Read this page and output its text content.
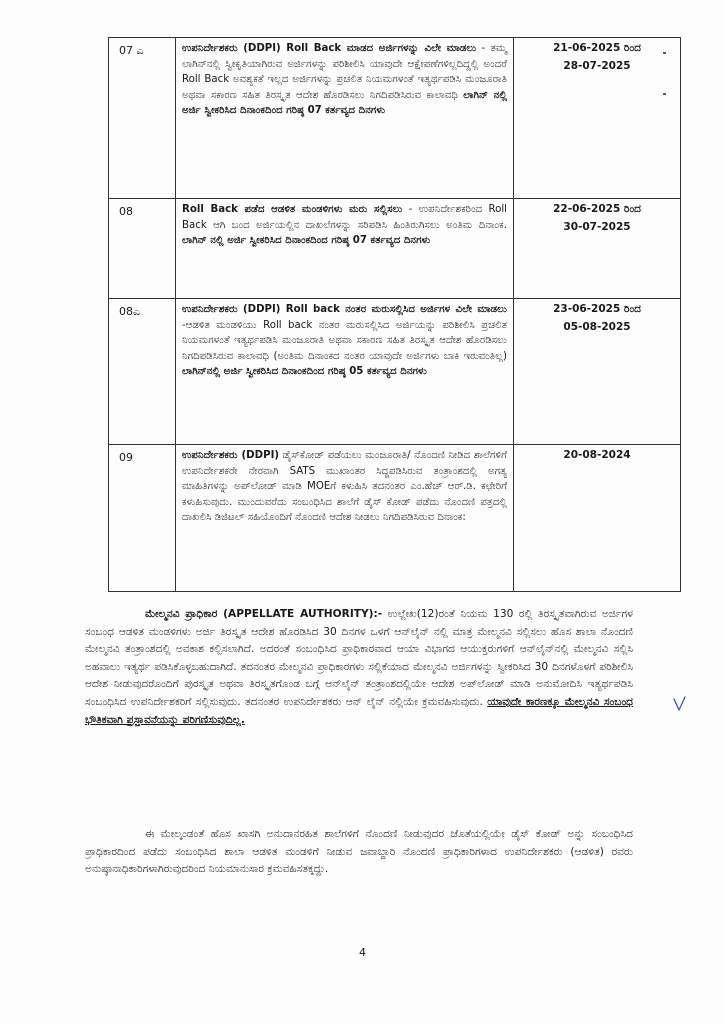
07 ಎ	ಉಪನಿರ್ದೇಶಕರು (DDPI) Roll Back ಮಾಡದ ಅರ್ಜಿಗಳನ್ನು ವಿಲೇ ಮಾಡಲು - ತಮ್ಮ ಲಾಗಿನ್‌ನಲ್ಲಿ ಸ್ವೀಕೃತಿಯಾಗಿರುವ ಅರ್ಜಿಗಳನ್ನು ಪರಿಶೀಲಿಸಿ ಯಾವುದೇ ಆಕ್ಷೇಪಣೆಗಳಿಲ್ಲದಿದ್ದಲ್ಲಿ ಅಂದರೆ Roll Back ಅವಶ್ಯಕತೆ ಇಲ್ಲದ ಅರ್ಜಿಗಳನ್ನು ಪ್ರಚಲಿತ ನಿಯಮಗಳಂತೆ ಇತ್ಯರ್ಥಪಡಿಸಿ ಮಂಜೂರಾತಿ ಅಥವಾ ಸಕಾರಣ ಸಹಿತ ತಿರಸ್ಕೃತ ಆದೇಶ ಹೊರಡಿಸಲು ನಿಗದಿಪಡಿಸಿರುವ ಕಾಲಾವಧಿ ಲಾಗಿನ್ ನಲ್ಲಿ ಅರ್ಜಿ ಸ್ವೀಕರಿಸಿದ ದಿನಾಂಕದಿಂದ ಗರಿಷ್ಠ 07 ಕರ್ತವ್ಯದ ದಿನಗಳು	21-06-2025 ರಿಂದ
28-07-2025

08	Roll Back ಪಡೆದ ಆಡಳಿತ ಮಂಡಳಿಗಳು ಮರು ಸಲ್ಲಿಸಲು - ಉಪನಿರ್ದೇಶಕರಿಂದ Roll Back ಆಗಿ ಬಂದ ಅರ್ಜಿಯಲ್ಲಿನ ದಾಖಲೆಗಳನ್ನು ಸರಿಪಡಿಸಿ ಹಿಂತಿರುಗಿಸಲು ಅಂತಿಮ ದಿನಾಂಕ. ಲಾಗಿನ್ ನಲ್ಲಿ ಅರ್ಜಿ ಸ್ವೀಕರಿಸಿದ ದಿನಾಂಕದಿಂದ ಗರಿಷ್ಠ 07 ಕರ್ತವ್ಯದ ದಿನಗಳು	22-06-2025 ರಿಂದ
30-07-2025

08ಎ	ಉಪನಿರ್ದೇಶಕರು (DDPI) Roll back ನಂತರ ಮರುಸಲ್ಲಿಸಿದ ಅರ್ಜಿಗಳ ವಿಲೇ ಮಾಡಲು -ಆಡಳಿತ ಮಂಡಳಿಯು Roll back ನಂತರ ಮರುಸಲ್ಲಿಸಿದ ಅರ್ಜಿಯನ್ನು ಪರಿಶೀಲಿಸಿ ಪ್ರಚಲಿತ ನಿಯಮಗಳಂತೆ ಇತ್ಯರ್ಥಪಡಿಸಿ ಮಂಜೂರಾತಿ ಅಥವಾ ಸಕಾರಣ ಸಹಿತ ತಿರಸ್ಕೃತ ಆದೇಶ ಹೊರಡಿಸಲು ನಿಗದಿಪಡಿಸಿರುವ ಕಾಲಾವಧಿ (ಅಂತಿಮ ದಿನಾಂಕದ ನಂತರ ಯಾವುದೇ ಅರ್ಜಿಗಳು ಬಾಕಿ ಇರುವಂತಿಲ್ಲ) ಲಾಗಿನ್‌ನಲ್ಲಿ ಅರ್ಜಿ ಸ್ವೀಕರಿಸಿದ ದಿನಾಂಕದಿಂದ ಗರಿಷ್ಠ 05 ಕರ್ತವ್ಯದ ದಿನಗಳು	23-06-2025 ರಿಂದ
05-08-2025

09	ಉಪನಿರ್ದೇಶಕರು (DDPI) ಡೈಸ್‌ಕೋಡ್ ಪಡೆಯಲು ಮಂಜೂರಾತಿ/ ನೊಂದಣಿ ನೀಡಿದ ಶಾಲೆಗಳಿಗೆ ಉಪನಿರ್ದೇಶಕರೇ ನೇರವಾಗಿ SATS ಮುಖಾಂತರ ಸಿದ್ಧಪಡಿಸಿರುವ ತಂತ್ರಾಂಶದಲ್ಲಿ ಅಗತ್ಯ ಮಾಹಿತಿಗಳನ್ನು ಅಪ್‌ಲೋಡ್ ಮಾಡಿ MOEಗೆ ಕಳುಹಿಸಿ ತದನಂತರ ಎಂ.ಹೆಚ್ ಆರ್.ಡಿ. ಕಛೇರಿಗೆ ಕಳುಹಿಸುವುದು. ಮುಂದುವರೆದು ಸಂಬಂಧಿಸಿದ ಶಾಲೆಗೆ ಡೈಸ್ ಕೋಡ್ ಪಡೆದು ನೊಂದಣಿ ಪತ್ರದಲ್ಲಿ ದಾಖಲಿಸಿ ಡಿಜಿಟಲ್ ಸಹಿಯೊಂದಿಗೆ ನೊಂದಣಿ ಆದೇಶ ನೀಡಲು ನಿಗದಿಪಡಿಸಿರುವ ದಿನಾಂಕ:	20-08-2024
ಮೇಲ್ಮನವಿ ಪ್ರಾಧಿಕಾರ (APPELLATE AUTHORITY):- ಉಲ್ಲೇಖ(12)ರಂತೆ ನಿಯಮ 130 ರಲ್ಲಿ ತಿರಸ್ಕೃತವಾಗಿರುವ ಅರ್ಜಿಗಳ ಸಂಬಂಧ ಆಡಳಿತ ಮಂಡಳಿಗಳು ಅರ್ಜಿ ತಿರಸ್ಕೃತ ಆದೇಶ ಹೊರಡಿಸಿದ 30 ದಿನಗಳ ಒಳಗೆ ಆನ್‌ಲೈನ್ ನಲ್ಲಿ ಮಾತ್ರ ಮೇಲ್ಮನವಿ ಸಲ್ಲಿಸಲು ಹೊಸ ಶಾಲಾ ನೊಂದಣಿ ಮೇಲ್ಮನವಿ ತಂತ್ರಾಂಶದಲ್ಲಿ ಅವಕಾಶ ಕಲ್ಪಿಸಲಾಗಿದೆ. ಅದರಂತೆ ಸಂಬಂಧಿಸಿದ ಪ್ರಾಧಿಕಾರವಾದ ಆಯಾ ವಿಭಾಗದ ಆಯುಕ್ತರುಗಳಿಗೆ ಆನ್‌ಲೈನ್‌ನಲ್ಲಿ ಮೇಲ್ಮನವಿ ಸಲ್ಲಿಸಿ ಅಹವಾಲು ಇತ್ಯರ್ಥ ಪಡಿಸಿಕೊಳ್ಳಬಹುದಾಗಿದೆ. ತದನಂತರ ಮೇಲ್ಮನವಿ ಪ್ರಾಧಿಕಾರಗಳು ಸಲ್ಲಿಕೆಯಾದ ಮೇಲ್ಮನವಿ ಅರ್ಜಿಗಳನ್ನು ಸ್ವೀಕರಿಸಿದ 30 ದಿನಗಳೊಳಗೆ ಪರಿಶೀಲಿಸಿ ಆದೇಶ ನೀಡುವುದರೊಂದಿಗೆ ಪುರಸ್ಕೃತ ಅಥವಾ ತಿರಸ್ಕೃತಗೊಂಡ ಬಗ್ಗೆ ಆನ್‌ಲೈನ್ ತಂತ್ರಾಂಶದಲ್ಲಿಯೇ ಆದೇಶ ಅಪ್‌ಲೋಡ್ ಮಾಡಿ ಅನುಮೋದಿಸಿ ಇತ್ಯರ್ಥಪಡಿಸಿ ಸಂಬಂಧಿಸಿದ ಉಪನಿರ್ದೇಶಕರಿಗೆ ಸಲ್ಲಿಸುವುದು. ತದನಂತರ ಉಪನಿರ್ದೇಶಕರು ಆನ್ ಲೈನ್ ನಲ್ಲಿಯೇ ಕ್ರಮವಹಿಸುವುದು. ಯಾವುದೇ ಕಾರಣಕ್ಕೂ ಮೇಲ್ಮನವಿ ಸಂಬಂಧ ಭೌತಿಕವಾಗಿ ಪ್ರಸ್ತಾವನೆಯನ್ನು ಪರಿಗಣಿಸುವುದಿಲ್ಲ.
ಈ ಮೇಲ್ಕಂಡಂತೆ ಹೊಸ ಖಾಸಗಿ ಅನುದಾನರಹಿತ ಶಾಲೆಗಳಿಗೆ ನೊಂದಣಿ ನೀಡುವುದರ ಜೊತೆಯಲ್ಲಿಯೇ ಡೈಸ್ ಕೋಡ್ ಅನ್ನು ಸಂಬಂಧಿಸಿದ ಪ್ರಾಧಿಕಾರದಿಂದ ಪಡೆದು ಸಂಬಂಧಿಸಿದ ಶಾಲಾ ಆಡಳಿತ ಮಂಡಳಿಗೆ ನೀಡುವ ಜವಾಬ್ದಾರಿ ನೊಂದಣಿ ಪ್ರಾಧಿಕಾರಿಗಳಾದ ಉಪನಿರ್ದೇಶಕರು (ಆಡಳಿತ) ರವರು ಅನುಷ್ಠಾನಾಧಿಕಾರಿಗಳಾಗಿರುವುದರಿಂದ ನಿಯಮಾನುಸಾರ ಕ್ರಮವಹಿಸತಕ್ಕದ್ದು.
4
